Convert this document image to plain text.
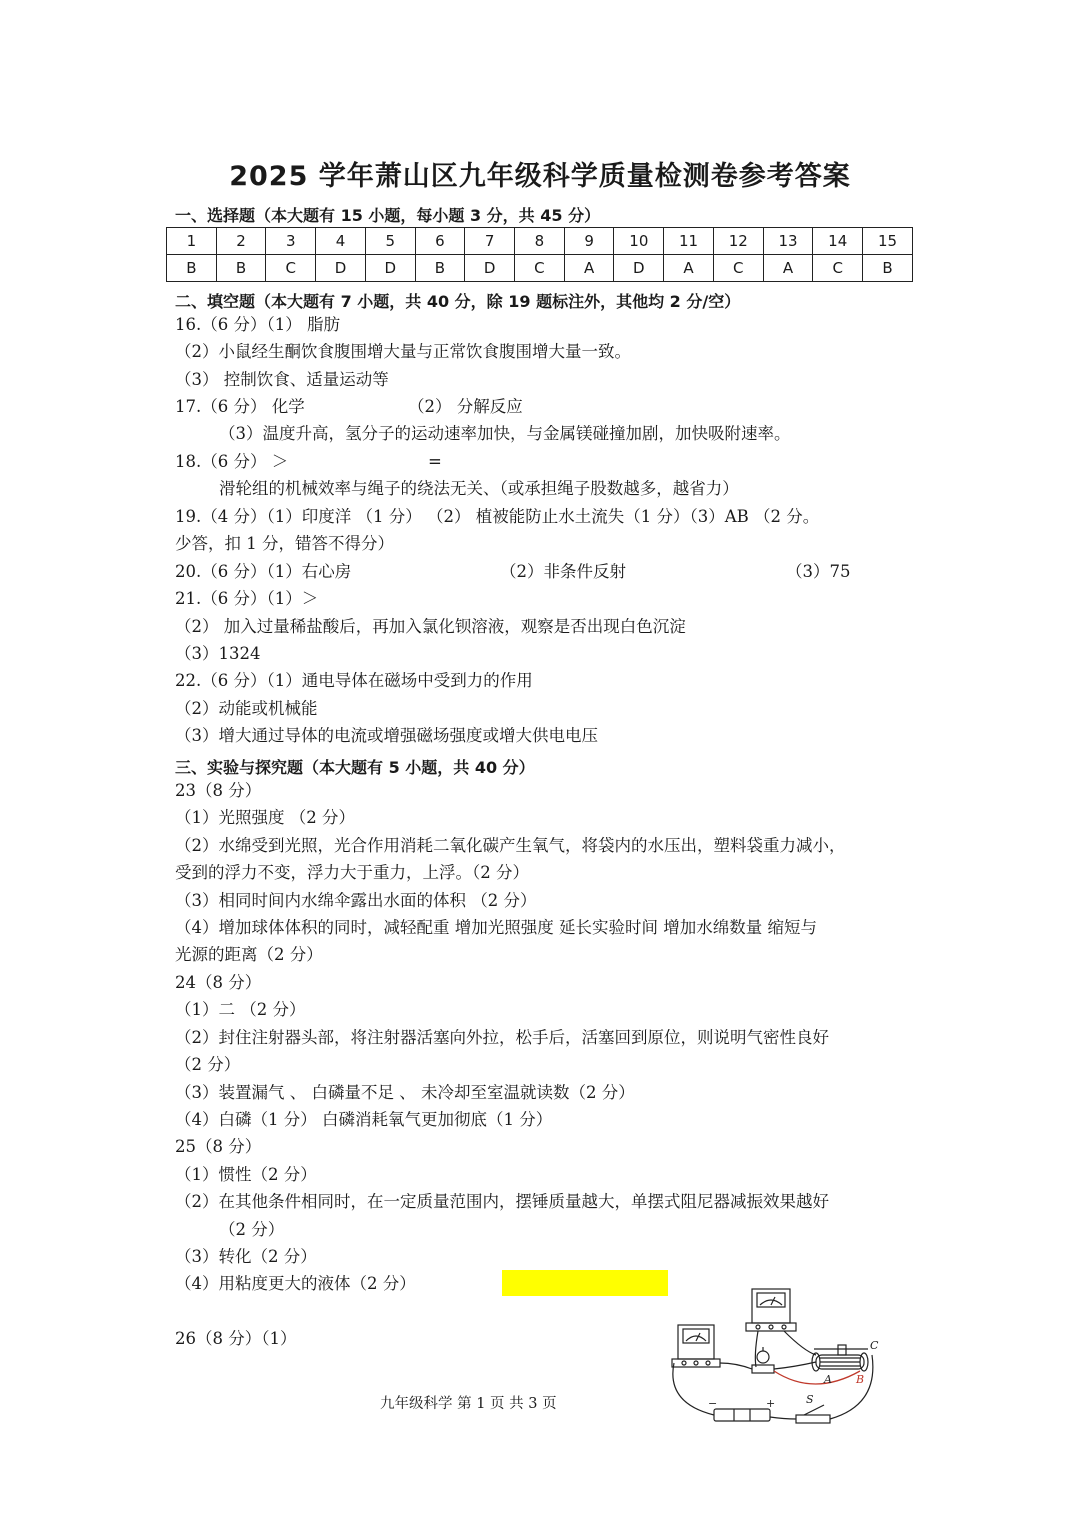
2025 学年萧山区九年级科学质量检测卷参考答案
一、选择题（本大题有 15 小题，每小题 3 分，共 45 分）
1	2	3	4	5	6	7	8	9	10	11	12	13	14	15
B	B	C	D	D	B	D	C	A	D	A	C	A	C	B
二、填空题（本大题有 7 小题，共 40 分，除 19 题标注外，其他均 2 分/空）
16.（6 分）（1） 脂肪
（2）小鼠经生酮饮食腹围增大量与正常饮食腹围增大量一致。
（3） 控制饮食、适量运动等
17.（6 分） 化学	（2） 分解反应
（3）温度升高，氢分子的运动速率加快，与金属镁碰撞加剧，加快吸附速率。
18.（6 分） ＞	=
滑轮组的机械效率与绳子的绕法无关、（或承担绳子股数越多，越省力）
19.（4 分）（1）印度洋 （1 分） （2） 植被能防止水土流失（1 分）（3）AB （2 分。
少答，扣 1 分，错答不得分）
20.（6 分）（1）右心房	（2）非条件反射	（3）75
21.（6 分）（1）＞
（2） 加入过量稀盐酸后，再加入氯化钡溶液，观察是否出现白色沉淀
（3）1324
22.（6 分）（1）通电导体在磁场中受到力的作用
（2）动能或机械能
（3）增大通过导体的电流或增强磁场强度或增大供电电压
三、实验与探究题（本大题有 5 小题，共 40 分）
23（8 分）
（1）光照强度 （2 分）
（2）水绵受到光照，光合作用消耗二氧化碳产生氧气，将袋内的水压出，塑料袋重力减小，
受到的浮力不变，浮力大于重力，上浮。（2 分）
（3）相同时间内水绵伞露出水面的体积 （2 分）
（4）增加球体体积的同时，减轻配重 增加光照强度 延长实验时间 增加水绵数量 缩短与
光源的距离（2 分）
24（8 分）
（1）二 （2 分）
（2）封住注射器头部，将注射器活塞向外拉，松手后，活塞回到原位，则说明气密性良好
（2 分）
（3）装置漏气 、 白磷量不足 、 未冷却至室温就读数（2 分）
（4）白磷（1 分） 白磷消耗氧气更加彻底（1 分）
25（8 分）
（1）惯性（2 分）
（2）在其他条件相同时，在一定质量范围内，摆锤质量越大，单摆式阻尼器减振效果越好
（2 分）
（3）转化（2 分）
（4）用粘度更大的液体（2 分）
26（8 分）（1）
A B
C
S
−	+
九年级科学 第 1 页 共 3 页
